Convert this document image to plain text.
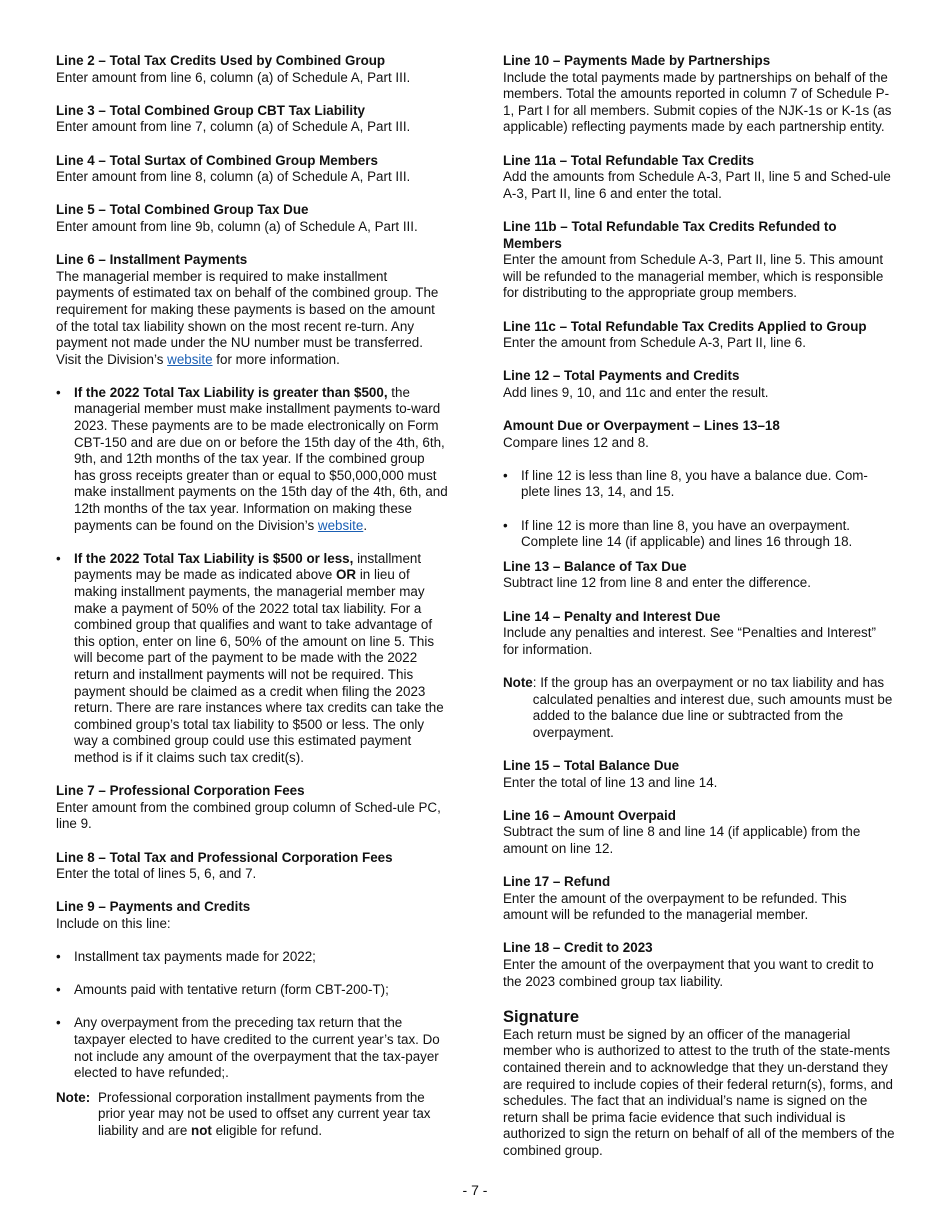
Line 2 – Total Tax Credits Used by Combined Group

Enter amount from line 6, column (a) of Schedule A, Part III.

Line 3 – Total Combined Group CBT Tax Liability

Enter amount from line 7, column (a) of Schedule A, Part III.

Line 4 – Total Surtax of Combined Group Members

Enter amount from line 8, column (a) of Schedule A, Part III.

Line 5 – Total Combined Group Tax Due

Enter amount from line 9b, column (a) of Schedule A, Part III.

Line 6 – Installment Payments

The managerial member is required to make installment payments of estimated tax on behalf of the combined group. The requirement for making these payments is based on the amount of the total tax liability shown on the most recent re-turn. Any payment not made under the NU number must be transferred. Visit the Division’s website for more information.

• If the 2022 Total Tax Liability is greater than $500, the managerial member must make installment payments to-ward 2023. These payments are to be made electronically on Form CBT-150 and are due on or before the 15th day of the 4th, 6th, 9th, and 12th months of the tax year. If the combined group has gross receipts greater than or equal to $50,000,000 must make installment payments on the 15th day of the 4th, 6th, and 12th months of the tax year. Information on making these payments can be found on the Division’s website.

• If the 2022 Total Tax Liability is $500 or less, installment payments may be made as indicated above OR in lieu of making installment payments, the managerial member may make a payment of 50% of the 2022 total tax liability. For a combined group that qualifies and want to take advantage of this option, enter on line 6, 50% of the amount on line 5. This will become part of the payment to be made with the 2022 return and installment payments will not be required. This payment should be claimed as a credit when filing the 2023 return. There are rare instances where tax credits can take the combined group’s total tax liability to $500 or less. The only way a combined group could use this estimated payment method is if it claims such tax credit(s).

Line 7 – Professional Corporation Fees

Enter amount from the combined group column of Sched-ule PC, line 9.

Line 8 – Total Tax and Professional Corporation Fees

Enter the total of lines 5, 6, and 7.

Line 9 – Payments and Credits

Include on this line:

• Installment tax payments made for 2022;

• Amounts paid with tentative return (form CBT-200-T);

• Any overpayment from the preceding tax return that the taxpayer elected to have credited to the current year’s tax. Do not include any amount of the overpayment that the tax-payer elected to have refunded;.

Note: Professional corporation installment payments from the prior year may not be used to offset any current year tax liability and are not eligible for refund.

Line 10 – Payments Made by Partnerships

Include the total payments made by partnerships on behalf of the members. Total the amounts reported in column 7 of Schedule P-1, Part I for all members. Submit copies of the NJK-1s or K-1s (as applicable) reflecting payments made by each partnership entity.

Line 11a – Total Refundable Tax Credits

Add the amounts from Schedule A-3, Part II, line 5 and Sched-ule A-3, Part II, line 6 and enter the total.

Line 11b – Total Refundable Tax Credits Refunded to Members

Enter the amount from Schedule A-3, Part II, line 5. This amount will be refunded to the managerial member, which is responsible for distributing to the appropriate group members.

Line 11c – Total Refundable Tax Credits Applied to Group

Enter the amount from Schedule A-3, Part II, line 6.

Line 12 – Total Payments and Credits

Add lines 9, 10, and 11c and enter the result.

Amount Due or Overpayment – Lines 13–18

Compare lines 12 and 8.

• If line 12 is less than line 8, you have a balance due. Com-plete lines 13, 14, and 15.

• If line 12 is more than line 8, you have an overpayment. Complete line 14 (if applicable) and lines 16 through 18.

Line 13 – Balance of Tax Due

Subtract line 12 from line 8 and enter the difference.

Line 14 – Penalty and Interest Due

Include any penalties and interest. See “Penalties and Interest” for information.

Note : If the group has an overpayment or no tax liability and has calculated penalties and interest due, such amounts must be added to the balance due line or subtracted from the overpayment.

Line 15 – Total Balance Due

Enter the total of line 13 and line 14.

Line 16 – Amount Overpaid

Subtract the sum of line 8 and line 14 (if applicable) from the amount on line 12.

Line 17 – Refund

Enter the amount of the overpayment to be refunded. This amount will be refunded to the managerial member.

Line 18 – Credit to 2023

Enter the amount of the overpayment that you want to credit to the 2023 combined group tax liability.

Signature

Each return must be signed by an officer of the managerial member who is authorized to attest to the truth of the state-ments contained therein and to acknowledge that they un-derstand they are required to include copies of their federal return(s), forms, and schedules. The fact that an individual’s name is signed on the return shall be prima facie evidence that such individual is authorized to sign the return on behalf of all of the members of the combined group.

- 7 -
